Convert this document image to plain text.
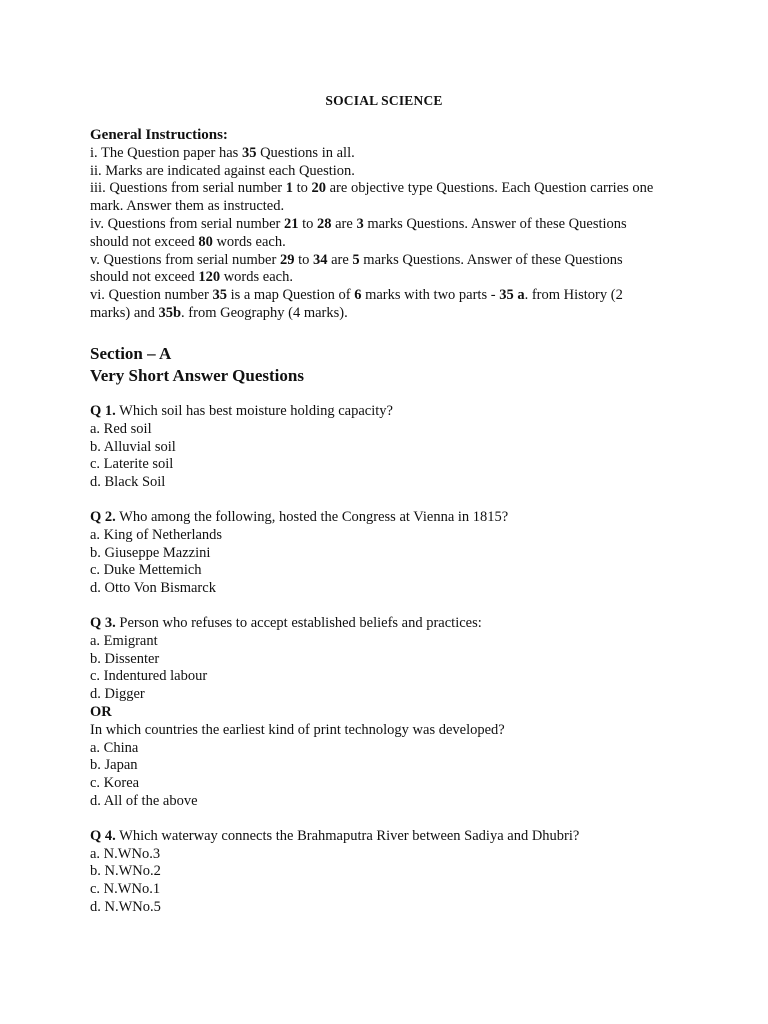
SOCIAL SCIENCE
General Instructions:
i. The Question paper has 35 Questions in all.
ii. Marks are indicated against each Question.
iii. Questions from serial number 1 to 20 are objective type Questions. Each Question carries one mark. Answer them as instructed.
iv. Questions from serial number 21 to 28 are 3 marks Questions. Answer of these Questions should not exceed 80 words each.
v. Questions from serial number 29 to 34 are 5 marks Questions. Answer of these Questions should not exceed 120 words each.
vi. Question number 35 is a map Question of 6 marks with two parts - 35 a. from History (2 marks) and 35b. from Geography (4 marks).
Section – A
Very Short Answer Questions
Q 1. Which soil has best moisture holding capacity?
a. Red soil
b. Alluvial soil
c. Laterite soil
d. Black Soil
Q 2. Who among the following, hosted the Congress at Vienna in 1815?
a. King of Netherlands
b. Giuseppe Mazzini
c. Duke Mettemich
d. Otto Von Bismarck
Q 3. Person who refuses to accept established beliefs and practices:
a. Emigrant
b. Dissenter
c. Indentured labour
d. Digger
OR
In which countries the earliest kind of print technology was developed?
a. China
b. Japan
c. Korea
d. All of the above
Q 4. Which waterway connects the Brahmaputra River between Sadiya and Dhubri?
a. N.WNo.3
b. N.WNo.2
c. N.WNo.1
d. N.WNo.5
